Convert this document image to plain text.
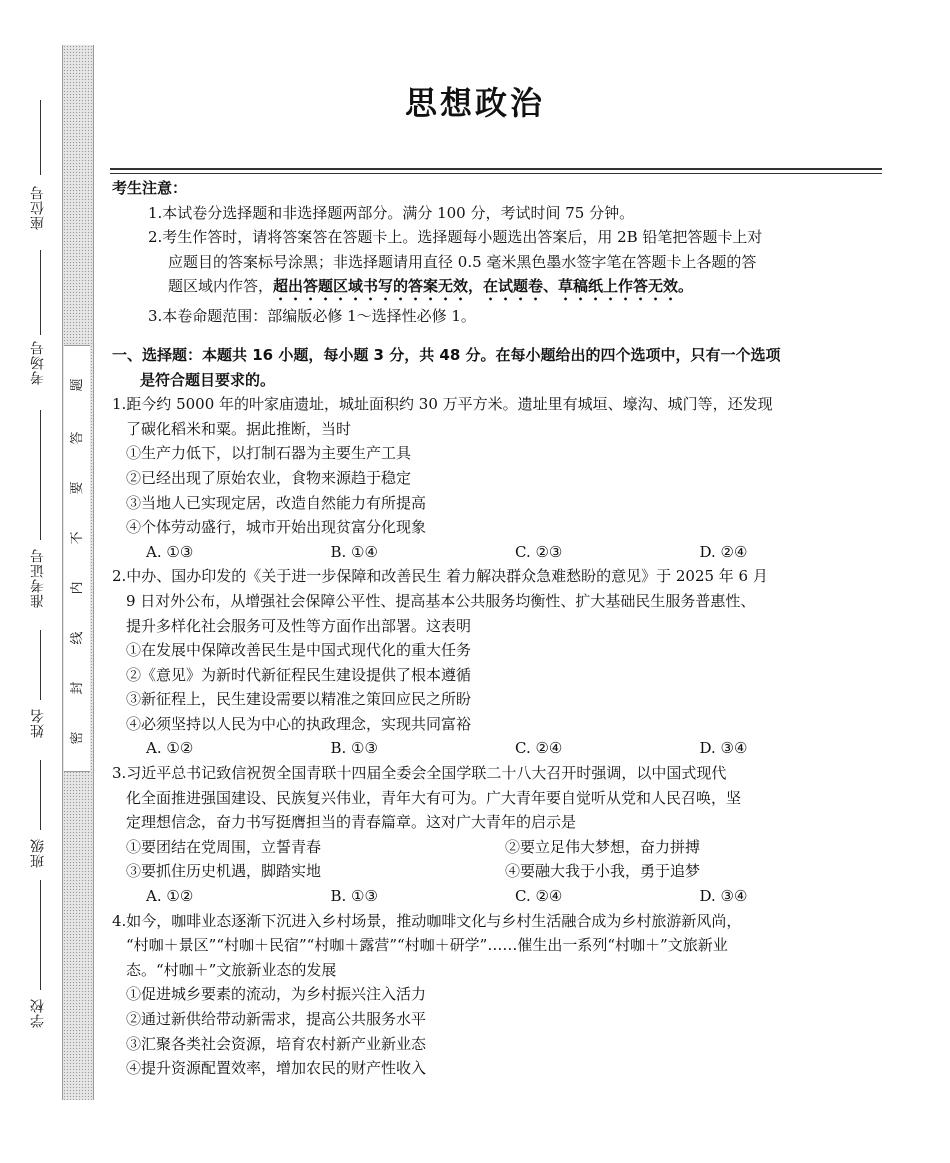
题
答
要
不
内
线
封
密
座位号
考场号
准考证号
姓名
班级
学校
思想政治

考生注意：

1.本试卷分选择题和非选择题两部分。满分 100 分，考试时间 75 分钟。

2.考生作答时，请将答案答在答题卡上。选择题每小题选出答案后，用 2B 铅笔把答题卡上对

应题目的答案标号涂黑；非选择题请用直径 0.5 毫米黑色墨水签字笔在答题卡上各题的答

题区域内作答，超出答题区域书写的答案无效，在试题卷、草稿纸上作答无效。

3.本卷命题范围：部编版必修 1～选择性必修 1。

一、选择题：本题共 16 小题，每小题 3 分，共 48 分。在每小题给出的四个选项中，只有一个选项

是符合题目要求的。

1.距今约 5000 年的叶家庙遗址，城址面积约 30 万平方米。遗址里有城垣、壕沟、城门等，还发现

了碳化稻米和粟。据此推断，当时

①生产力低下，以打制石器为主要生产工具

②已经出现了原始农业，食物来源趋于稳定

③当地人已实现定居，改造自然能力有所提高

④个体劳动盛行，城市开始出现贫富分化现象

A. ①③	B. ①④	C. ②③	D. ②④

2.中办、国办印发的《关于进一步保障和改善民生 着力解决群众急难愁盼的意见》于 2025 年 6 月

9 日对外公布，从增强社会保障公平性、提高基本公共服务均衡性、扩大基础民生服务普惠性、

提升多样化社会服务可及性等方面作出部署。这表明

①在发展中保障改善民生是中国式现代化的重大任务

②《意见》为新时代新征程民生建设提供了根本遵循

③新征程上，民生建设需要以精准之策回应民之所盼

④必须坚持以人民为中心的执政理念，实现共同富裕

A. ①②	B. ①③	C. ②④	D. ③④

3.习近平总书记致信祝贺全国青联十四届全委会全国学联二十八大召开时强调，以中国式现代

化全面推进强国建设、民族复兴伟业，青年大有可为。广大青年要自觉听从党和人民召唤，坚

定理想信念，奋力书写挺膺担当的青春篇章。这对广大青年的启示是

①要团结在党周围，立誓青春	②要立足伟大梦想，奋力拼搏

③要抓住历史机遇，脚踏实地	④要融大我于小我，勇于追梦

A. ①②	B. ①③	C. ②④	D. ③④

4.如今，咖啡业态逐渐下沉进入乡村场景，推动咖啡文化与乡村生活融合成为乡村旅游新风尚，

“村咖＋景区”“村咖＋民宿”“村咖＋露营”“村咖＋研学”……催生出一系列“村咖＋”文旅新业

态。“村咖＋”文旅新业态的发展

①促进城乡要素的流动，为乡村振兴注入活力

②通过新供给带动新需求，提高公共服务水平

③汇聚各类社会资源，培育农村新产业新业态

④提升资源配置效率，增加农民的财产性收入
